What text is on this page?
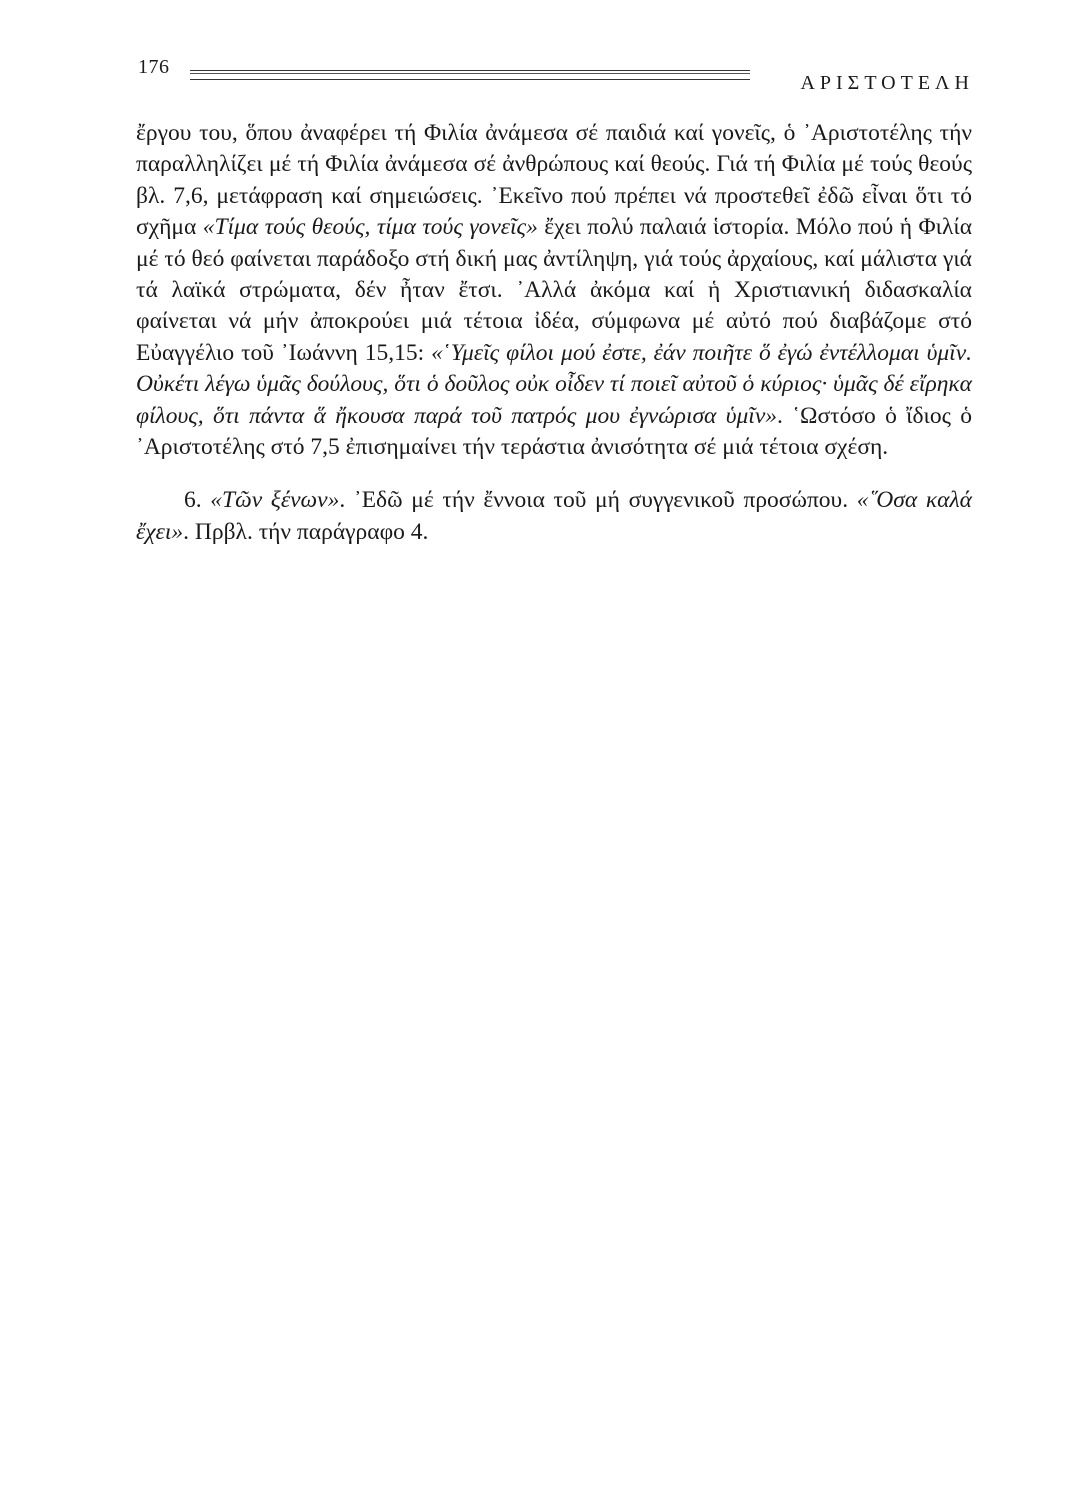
176
ΑΡΙΣΤΟΤΕΛΗ

ἔργου του, ὅπου ἀναφέρει τή Φιλία ἀνάμεσα σέ παιδιά καί γονεῖς, ὁ ᾿Αριστοτέλης τήν παραλληλίζει μέ τή Φιλία ἀνάμεσα σέ ἀνθρώπους καί θεούς. Γιά τή Φιλία μέ τούς θεούς βλ. 7,6, μετάφραση καί σημειώσεις. ᾿Εκεῖνο πού πρέπει νά προστεθεῖ ἐδῶ εἶναι ὅτι τό σχῆμα «Τίμα τούς θεούς, τίμα τούς γονεῖς» ἔχει πολύ παλαιά ἱστορία. Μόλο πού ἡ Φιλία μέ τό θεό φαίνεται παράδοξο στή δική μας ἀντίληψη, γιά τούς ἀρχαίους, καί μάλιστα γιά τά λαϊκά στρώματα, δέν ἦταν ἔτσι. ᾿Αλλά ἀκόμα καί ἡ Χριστιανική διδασκαλία φαίνεται νά μήν ἀποκρούει μιά τέτοια ἰδέα, σύμφωνα μέ αὐτό πού διαβάζομε στό Εὐαγγέλιο τοῦ ᾿Ιωάννη 15,15: «῾Υμεῖς φίλοι μού ἐστε, ἐάν ποιῆτε ὅ ἐγώ ἐντέλλομαι ὑμῖν. Οὐκέτι λέγω ὑμᾶς δούλους, ὅτι ὁ δοῦλος οὐκ οἶδεν τί ποιεῖ αὐτοῦ ὁ κύριος· ὑμᾶς δέ εἴρηκα φίλους, ὅτι πάντα ἅ ἤκουσα παρά τοῦ πατρός μου ἐγνώρισα ὑμῖν». ῾Ωστόσο ὁ ἴδιος ὁ ᾿Αριστοτέλης στό 7,5 ἐπισημαίνει τήν τεράστια ἀνισότητα σέ μιά τέτοια σχέση.

6. «Τῶν ξένων». ᾿Εδῶ μέ τήν ἔννοια τοῦ μή συγγενικοῦ προσώπου. «῞Οσα καλά ἔχει». Πρβλ. τήν παράγραφο 4.
